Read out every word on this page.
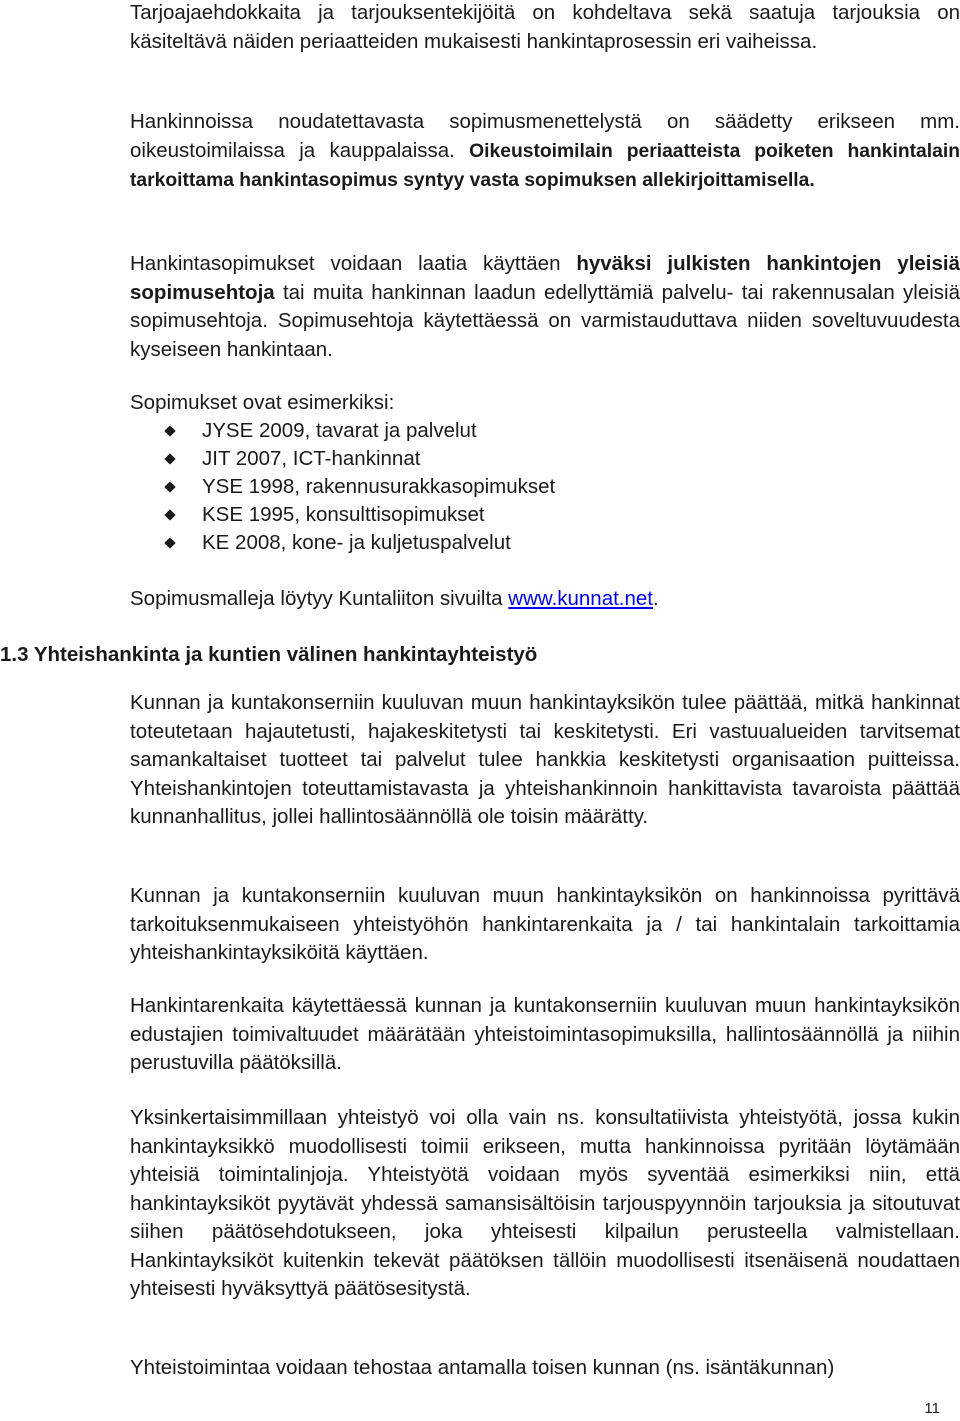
Tarjoajaehdokkaita ja tarjouksentekijöitä on kohdeltava sekä saatuja tarjouksia on käsiteltävä näiden periaatteiden mukaisesti hankintaprosessin eri vaiheissa.

Hankinnoissa noudatettavasta sopimusmenettelystä on säädetty erikseen mm. oikeustoimilaissa ja kauppalaissa. Oikeustoimilain periaatteista poiketen hankintalain tarkoittama hankintasopimus syntyy vasta sopimuksen allekirjoittamisella.

Hankintasopimukset voidaan laatia käyttäen hyväksi julkisten hankintojen yleisiä sopimusehtoja tai muita hankinnan laadun edellyttämiä palvelu- tai rakennusalan yleisiä sopimusehtoja. Sopimusehtoja käytettäessä on varmistauduttava niiden soveltuvuudesta kyseiseen hankintaan.

Sopimukset ovat esimerkiksi:

JYSE 2009, tavarat ja palvelut
JIT 2007, ICT-hankinnat
YSE 1998, rakennusurakkasopimukset
KSE 1995, konsulttisopimukset
KE 2008, kone- ja kuljetuspalvelut

Sopimusmalleja löytyy Kuntaliiton sivuilta www.kunnat.net.

1.3 Yhteishankinta ja kuntien välinen hankintayhteistyö

Kunnan ja kuntakonserniin kuuluvan muun hankintayksikön tulee päättää, mitkä hankinnat toteutetaan hajautetusti, hajakeskitetysti tai keskitetysti. Eri vastuualueiden tarvitsemat samankaltaiset tuotteet tai palvelut tulee hankkia keskitetysti organisaation puitteissa. Yhteishankintojen toteuttamistavasta ja yhteishankinnoin hankittavista tavaroista päättää kunnanhallitus, jollei hallintosäännöllä ole toisin määrätty.

Kunnan ja kuntakonserniin kuuluvan muun hankintayksikön on hankinnoissa pyrittävä tarkoituksenmukaiseen yhteistyöhön hankintarenkaita ja / tai hankintalain tarkoittamia yhteishankintayksiköitä käyttäen.

Hankintarenkaita käytettäessä kunnan ja kuntakonserniin kuuluvan muun hankintayksikön edustajien toimivaltuudet määrätään yhteistoimintasopimuksilla, hallintosäännöllä ja niihin perustuvilla päätöksillä.

Yksinkertaisimmillaan yhteistyö voi olla vain ns. konsultatiivista yhteistyötä, jossa kukin hankintayksikkö muodollisesti toimii erikseen, mutta hankinnoissa pyritään löytämään yhteisiä toimintalinjoja. Yhteistyötä voidaan myös syventää esimerkiksi niin, että hankintayksiköt pyytävät yhdessä samansisältöisin tarjouspyynnöin tarjouksia ja sitoutuvat siihen päätösehdotukseen, joka yhteisesti kilpailun perusteella valmistellaan. Hankintayksiköt kuitenkin tekevät päätöksen tällöin muodollisesti itsenäisenä noudattaen yhteisesti hyväksyttyä päätösesitystä.

Yhteistoimintaa voidaan tehostaa antamalla toisen kunnan (ns. isäntäkunnan)

11
